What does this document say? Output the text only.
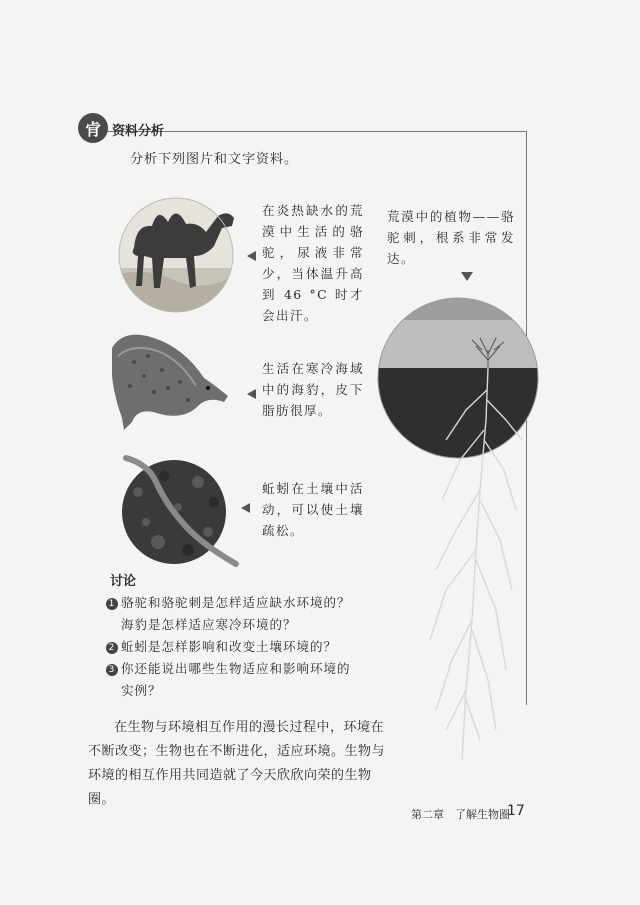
肻 资料分析
分析下列图片和文字资料。
在炎热缺水的荒漠中生活的骆驼，尿液非常少，当体温升高到 46 °C 时才会出汗。
生活在寒冷海域中的海豹，皮下脂肪很厚。
蚯蚓在土壤中活动，可以使土壤疏松。
荒漠中的植物——骆驼刺，根系非常发达。
讨论
1 骆驼和骆驼刺是怎样适应缺水环境的？
海豹是怎样适应寒冷环境的？
2 蚯蚓是怎样影响和改变土壤环境的？
3 你还能说出哪些生物适应和影响环境的
实例？
在生物与环境相互作用的漫长过程中，环境在不断改变；生物也在不断进化，适应环境。生物与环境的相互作用共同造就了今天欣欣向荣的生物圈。
第二章　了解生物圈
17
